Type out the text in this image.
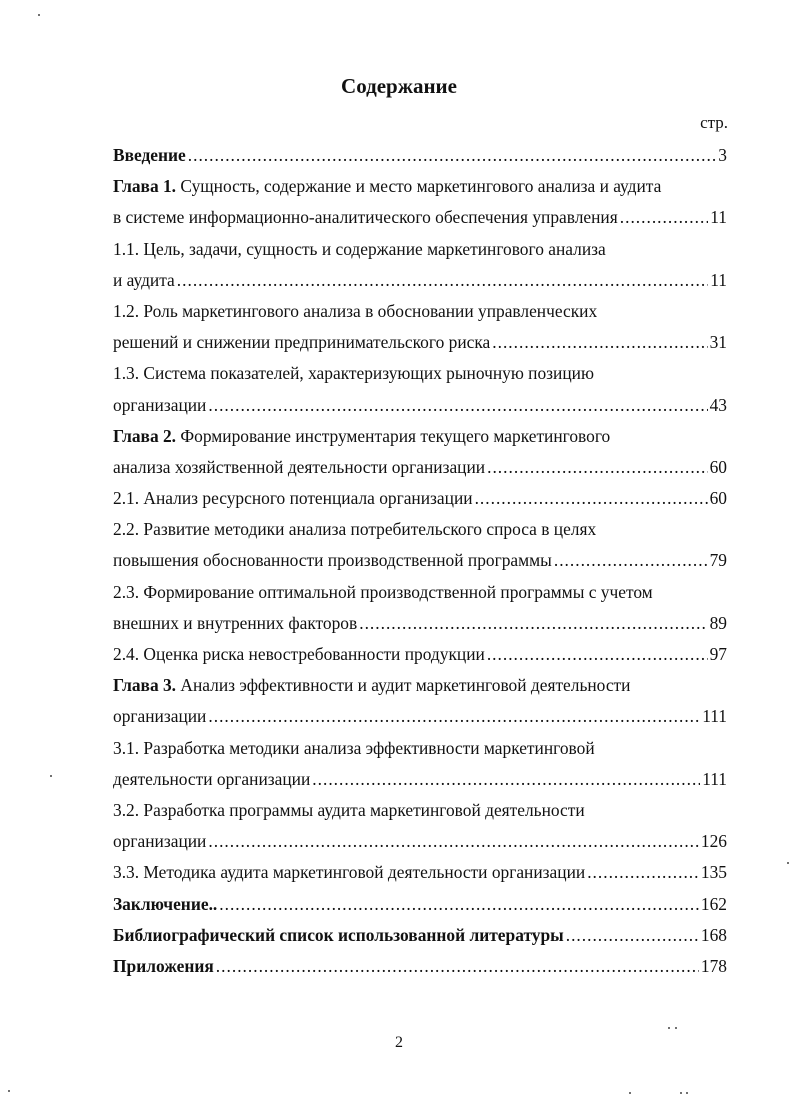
Содержание
стр.
Введение .....	3
Глава 1. Сущность, содержание и место маркетингового анализа и аудита
в системе информационно-аналитического обеспечения управления .....	11
1.1. Цель, задачи, сущность и содержание маркетингового анализа
и аудита .....	11
1.2. Роль маркетингового анализа в обосновании управленческих
решений и снижении предпринимательского риска .....	31
1.3. Система показателей, характеризующих рыночную позицию
организации .....	43
Глава 2. Формирование инструментария текущего маркетингового
анализа хозяйственной деятельности организации .....	60
2.1. Анализ ресурсного потенциала организации .....	60
2.2. Развитие методики анализа потребительского спроса в целях
повышения обоснованности производственной программы .....	79
2.3. Формирование оптимальной производственной программы с учетом
внешних и внутренних факторов .....	89
2.4. Оценка риска невостребованности продукции .....	97
Глава 3. Анализ эффективности и аудит маркетинговой деятельности
организации .....	111
3.1. Разработка методики анализа эффективности маркетинговой
деятельности организации .....	111
3.2. Разработка программы аудита маркетинговой деятельности
организации .....	126
3.3. Методика аудита маркетинговой деятельности организации .....	135
Заключение.. .....	162
Библиографический список использованной литературы .....	168
Приложения .....	178
2
